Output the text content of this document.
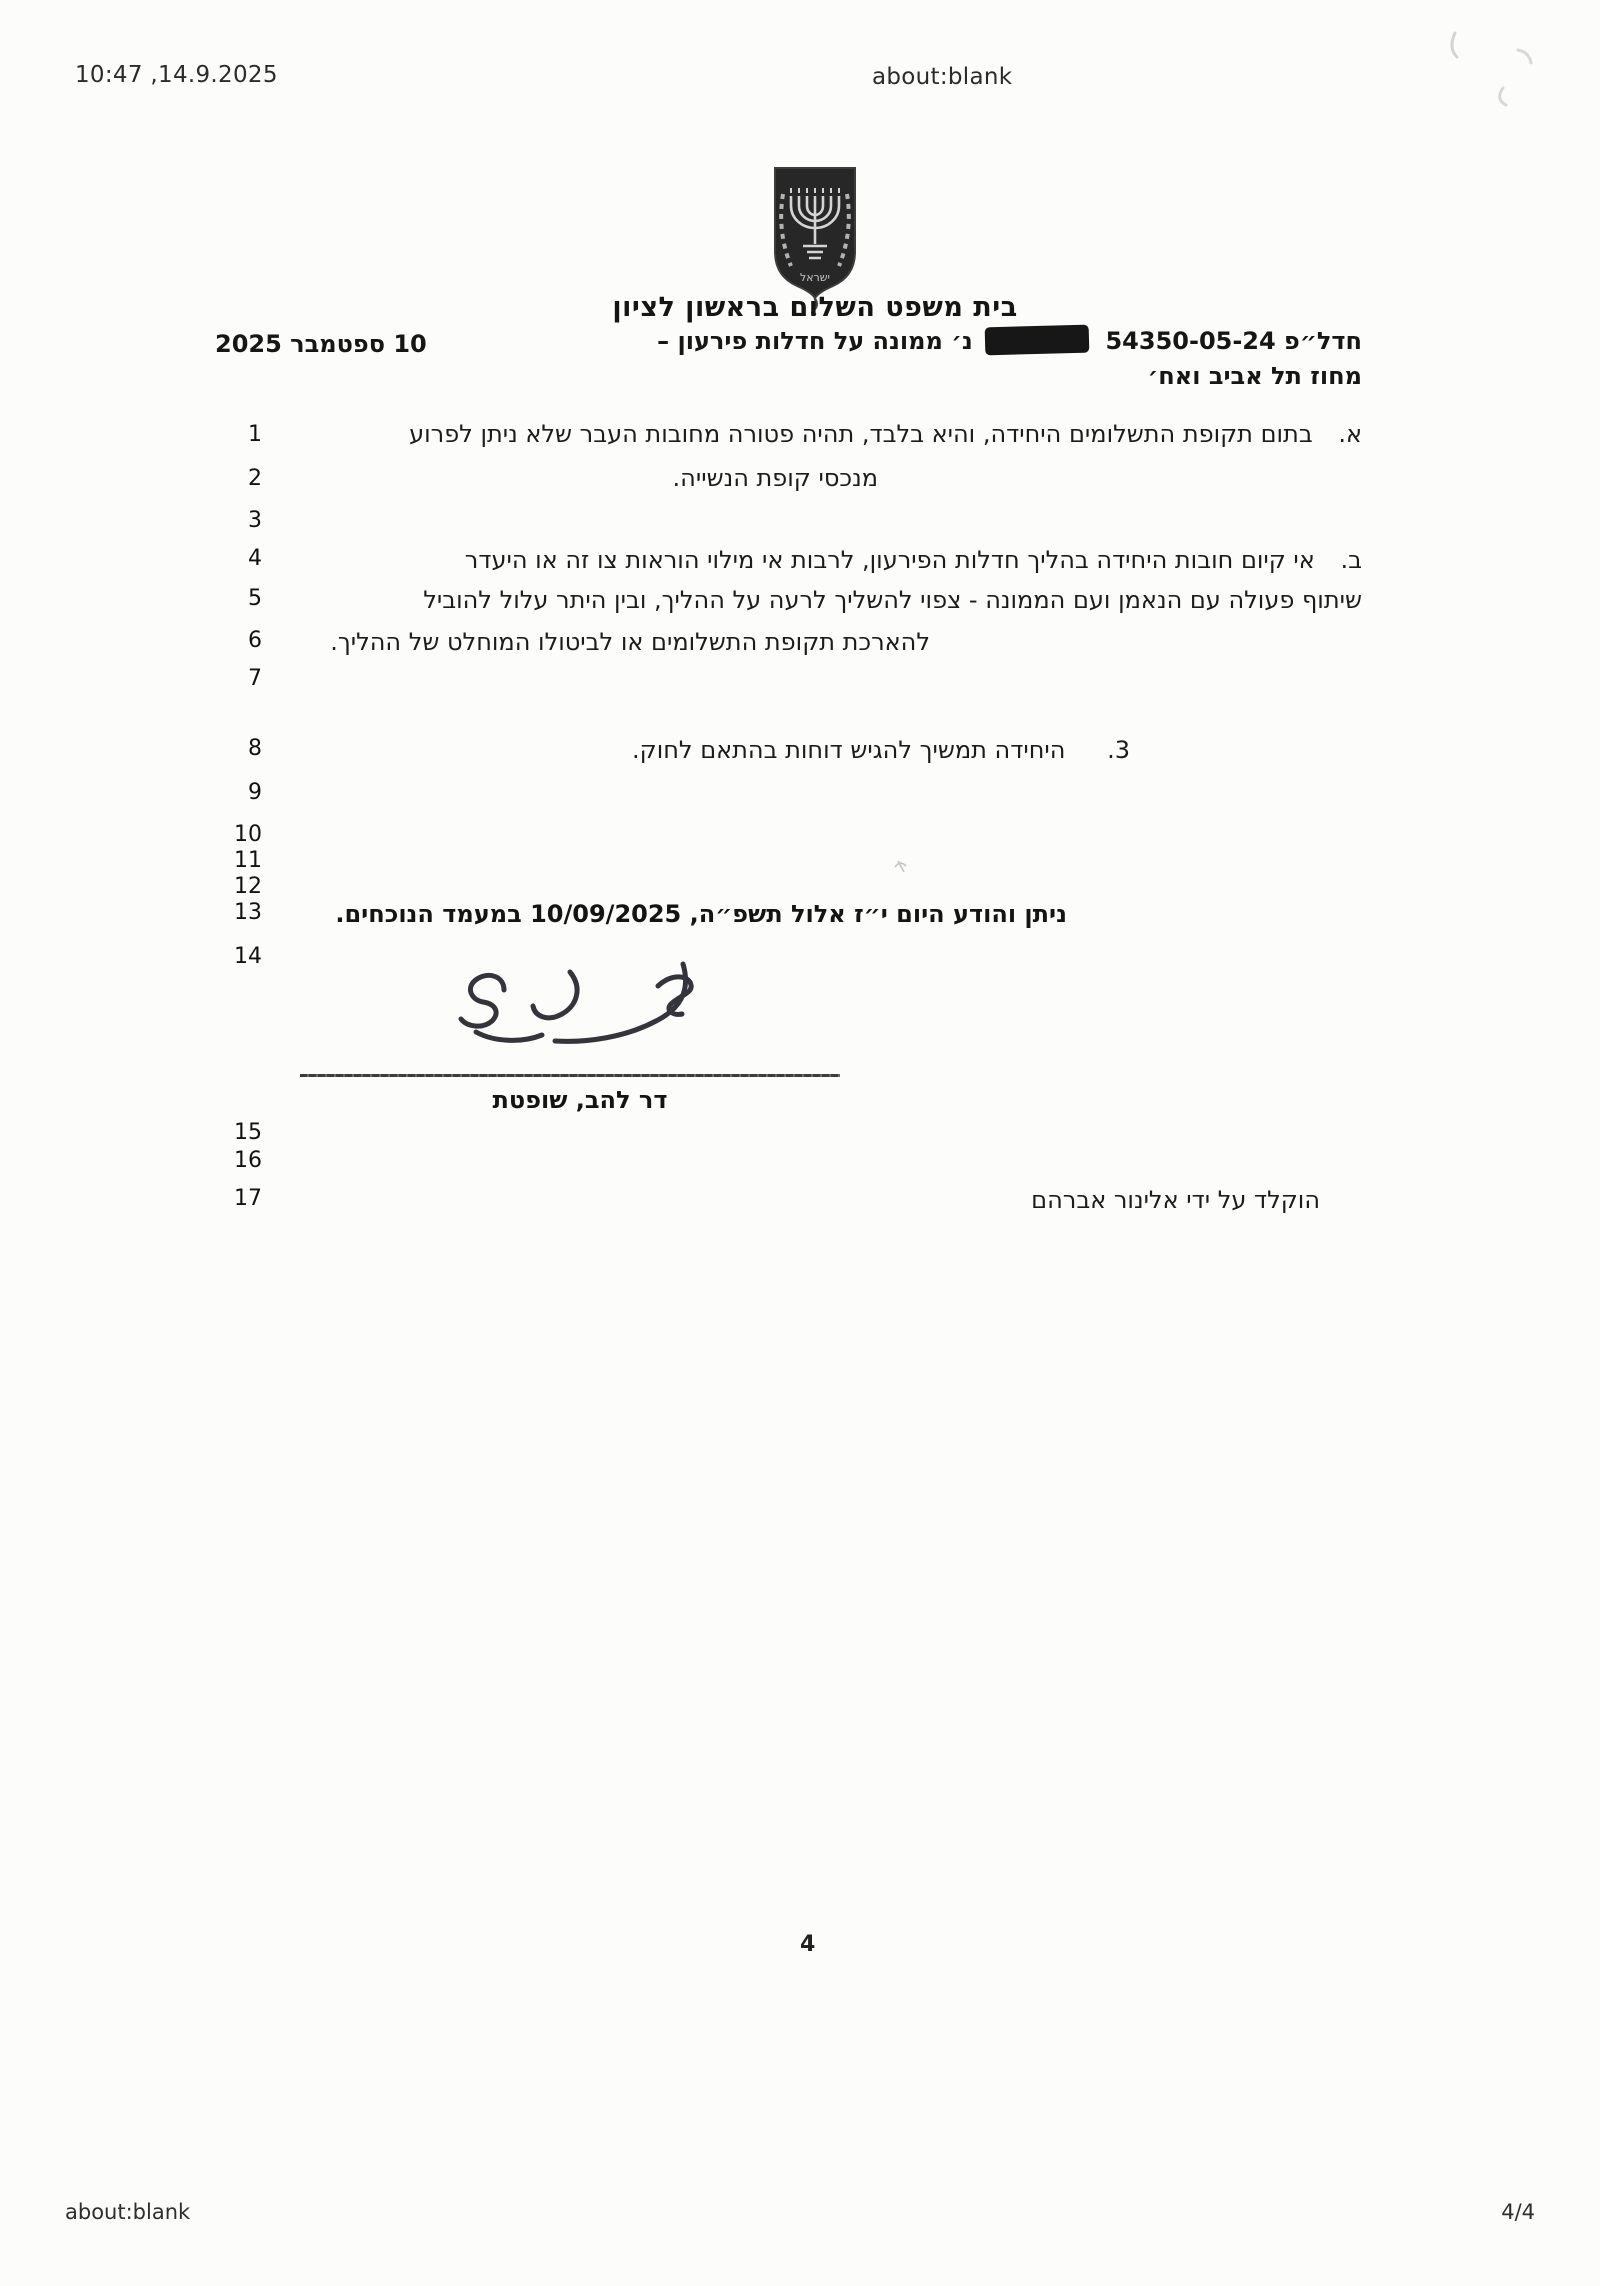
10:47 ,14.9.2025	about:blank
ישראל
בית משפט השלום בראשון לציון
חדל״פ 54350-05-24  נ׳ ממונה על חדלות פירעון –
מחוז תל אביב ואח׳
10 ספטמבר 2025
1
2
3
4
5
6
7
8
9
10
11
12
13
14
15
16
17
א. בתום תקופת התשלומים היחידה, והיא בלבד, תהיה פטורה מחובות העבר שלא ניתן לפרוע
מנכסי קופת הנשייה.
ב. אי קיום חובות היחידה בהליך חדלות הפירעון, לרבות אי מילוי הוראות צו זה או היעדר
שיתוף פעולה עם הנאמן ועם הממונה - צפוי להשליך לרעה על ההליך, ובין היתר עלול להוביל
להארכת תקופת התשלומים או לביטולו המוחלט של ההליך.
3. היחידה תמשיך להגיש דוחות בהתאם לחוק.
ניתן והודע היום י״ז אלול תשפ״ה, 10/09/2025 במעמד הנוכחים.
דר להב, שופטת
הוקלד על ידי אלינור אברהם
4
about:blank	4/4
